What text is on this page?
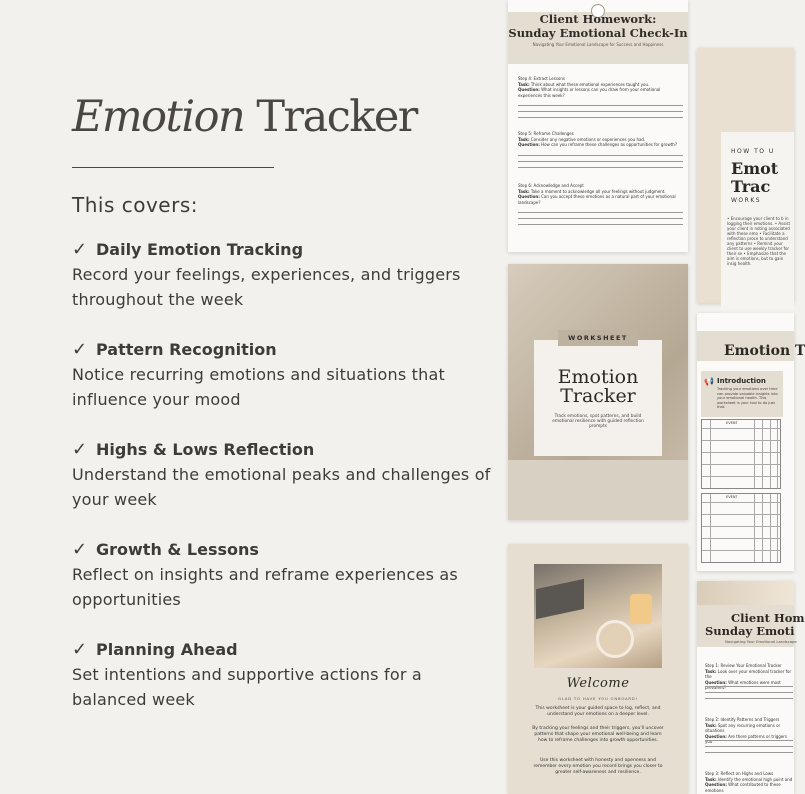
Emotion Tracker
This covers:
✓ Daily Emotion Tracking
Record your feelings, experiences, and triggers throughout the week
✓ Pattern Recognition
Notice recurring emotions and situations that influence your mood
✓ Highs & Lows Reflection
Understand the emotional peaks and challenges of your week
✓ Growth & Lessons
Reflect on insights and reframe experiences as opportunities
✓ Planning Ahead
Set intentions and supportive actions for a balanced week
Client Homework:
Sunday Emotional Check-In
Navigating Your Emotional Landscape for Success and Happiness
Step 4: Extract Lessons
Task: Think about what these emotional experiences taught you.
Question: What insights or lessons can you draw from your emotional experiences this week?
Step 5: Reframe Challenges
Task: Consider any negative emotions or experiences you had.
Question: How can you reframe these challenges as opportunities for growth?
Step 6: Acknowledge and Accept
Task: Take a moment to acknowledge all your feelings without judgment.
Question: Can you accept these emotions as a natural part of your emotional landscape?
HOW TO U
Emot
Trac
WORKS
• Encourage your client to b in logging their emotions. • Assist your client in noting associated with these emo • Facilitate a reflection proce to understand any patterns • Remind your client to use weekly tracker for their se • Emphasize that the aim is emotions, but to gain insig health.
WORKSHEET
Emotion
Tracker
Track emotions, spot patterns, and build emotional resilience with guided reflection prompts
Emotion T
📢 Introduction
Tracking your emotions over time can provide valuable insights into your emotional health. This worksheet is your tool to do just that.
EVENT
EVENT
Welcome
GLAD TO HAVE YOU ONBOARD!
This worksheet is your guided space to log, reflect, and understand your emotions on a deeper level.
By tracking your feelings and their triggers, you'll uncover patterns that shape your emotional well-being and learn how to reframe challenges into growth opportunities.
Use this worksheet with honesty and openness and remember every emotion you record brings you closer to greater self-awareness and resilience.
Client Hom
Sunday Emoti
Navigating Your Emotional Landscape
Step 1: Review Your Emotional Tracker
Task: Look over your emotional tracker for the
Question: What emotions were most prevalent?
Step 2: Identify Patterns and Triggers
Task: Spot any recurring emotions or situations
Question: Are there patterns or triggers you
Step 3: Reflect on Highs and Lows
Task: Identify the emotional high point and
Question: What contributed to these emotions
